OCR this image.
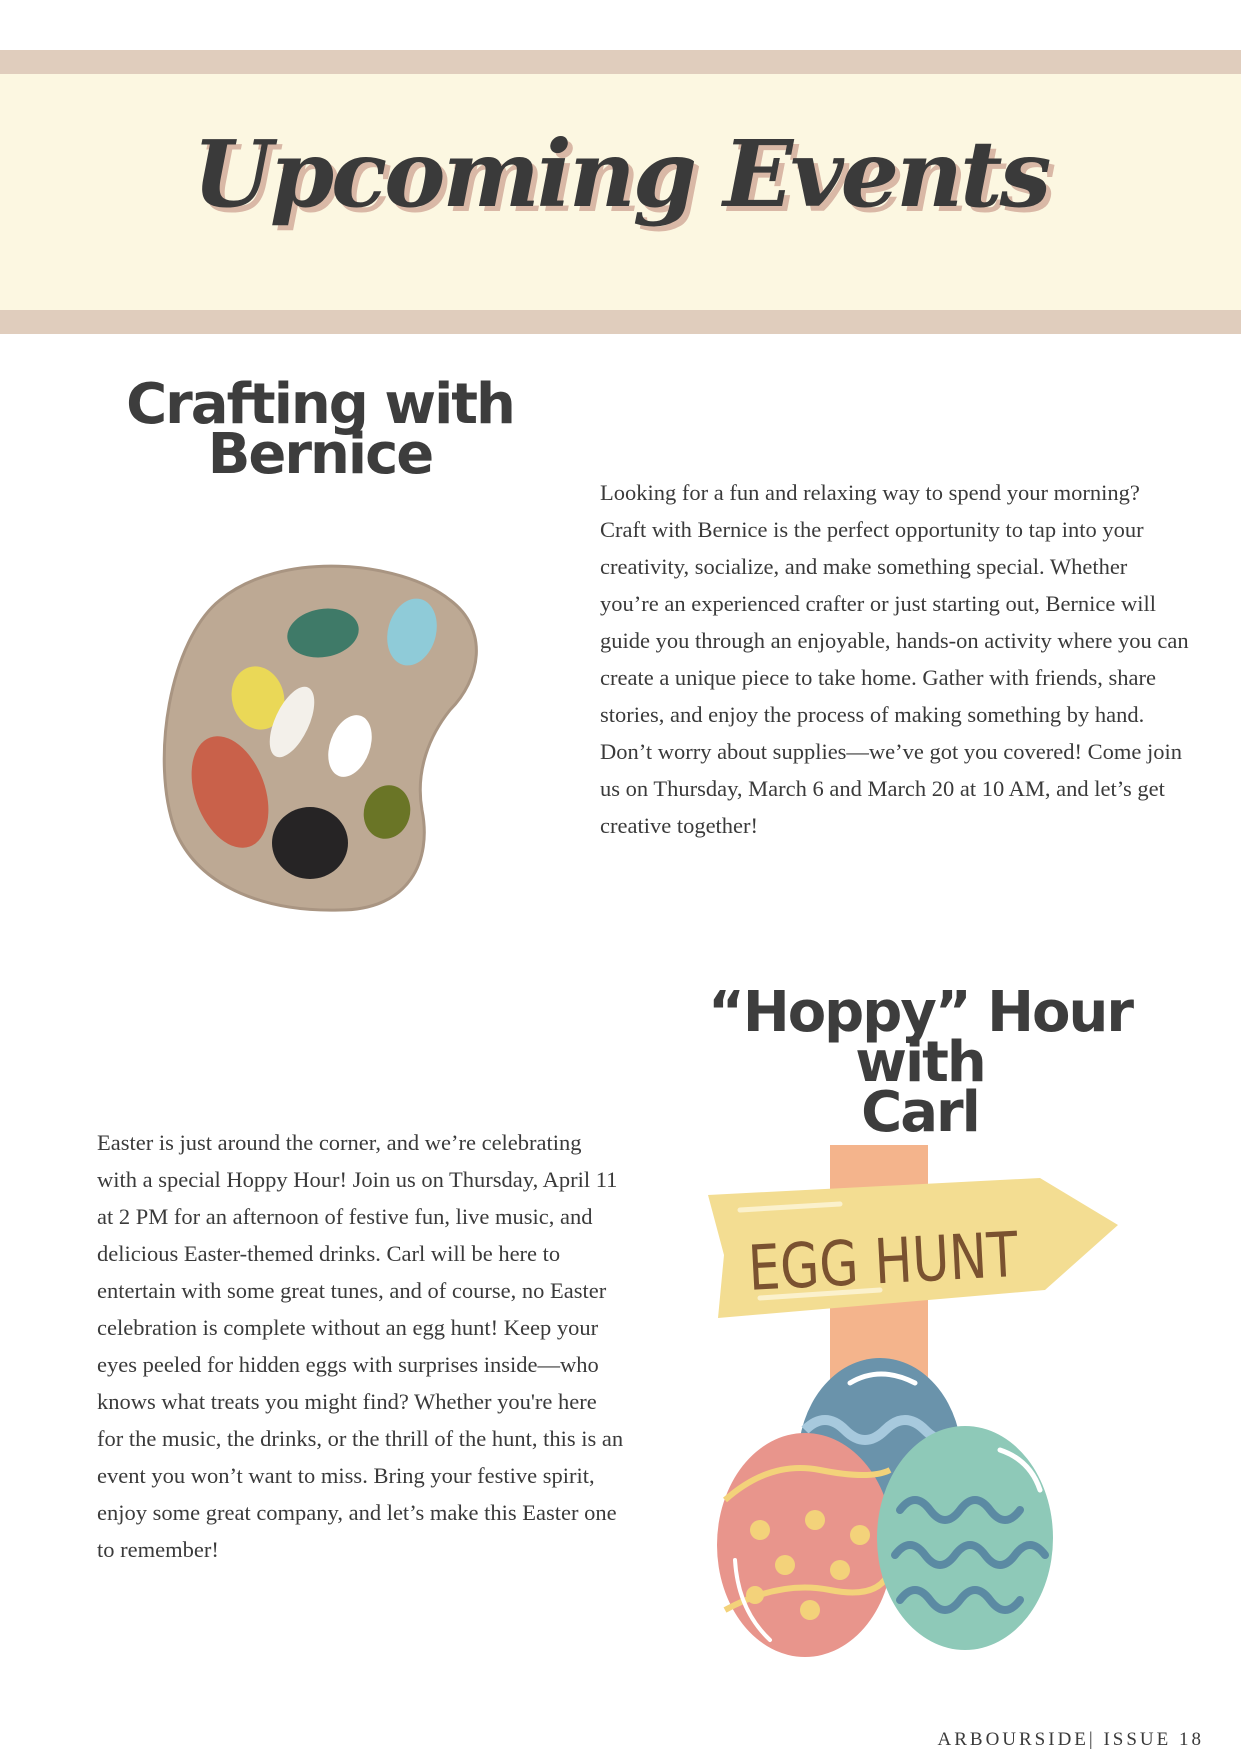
Upcoming Events
Crafting with
Bernice

Looking for a fun and relaxing way to spend your morning? Craft with Bernice is the perfect opportunity to tap into your creativity, socialize, and make something special. Whether you’re an experienced crafter or just starting out, Bernice will guide you through an enjoyable, hands-on activity where you can create a unique piece to take home. Gather with friends, share stories, and enjoy the process of making something by hand. Don’t worry about supplies—we’ve got you covered! Come join us on Thursday, March 6 and March 20 at 10 AM, and let’s get creative together!

“Hoppy” Hour with
Carl

Easter is just around the corner, and we’re celebrating with a special Hoppy Hour! Join us on Thursday, April 11 at 2 PM for an afternoon of festive fun, live music, and delicious Easter-themed drinks. Carl will be here to entertain with some great tunes, and of course, no Easter celebration is complete without an egg hunt! Keep your eyes peeled for hidden eggs with surprises inside—who knows what treats you might find? Whether you're here for the music, the drinks, or the thrill of the hunt, this is an event you won’t want to miss. Bring your festive spirit, enjoy some great company, and let’s make this Easter one to remember!

EGG HUNT
ARBOURSIDE| ISSUE 18
